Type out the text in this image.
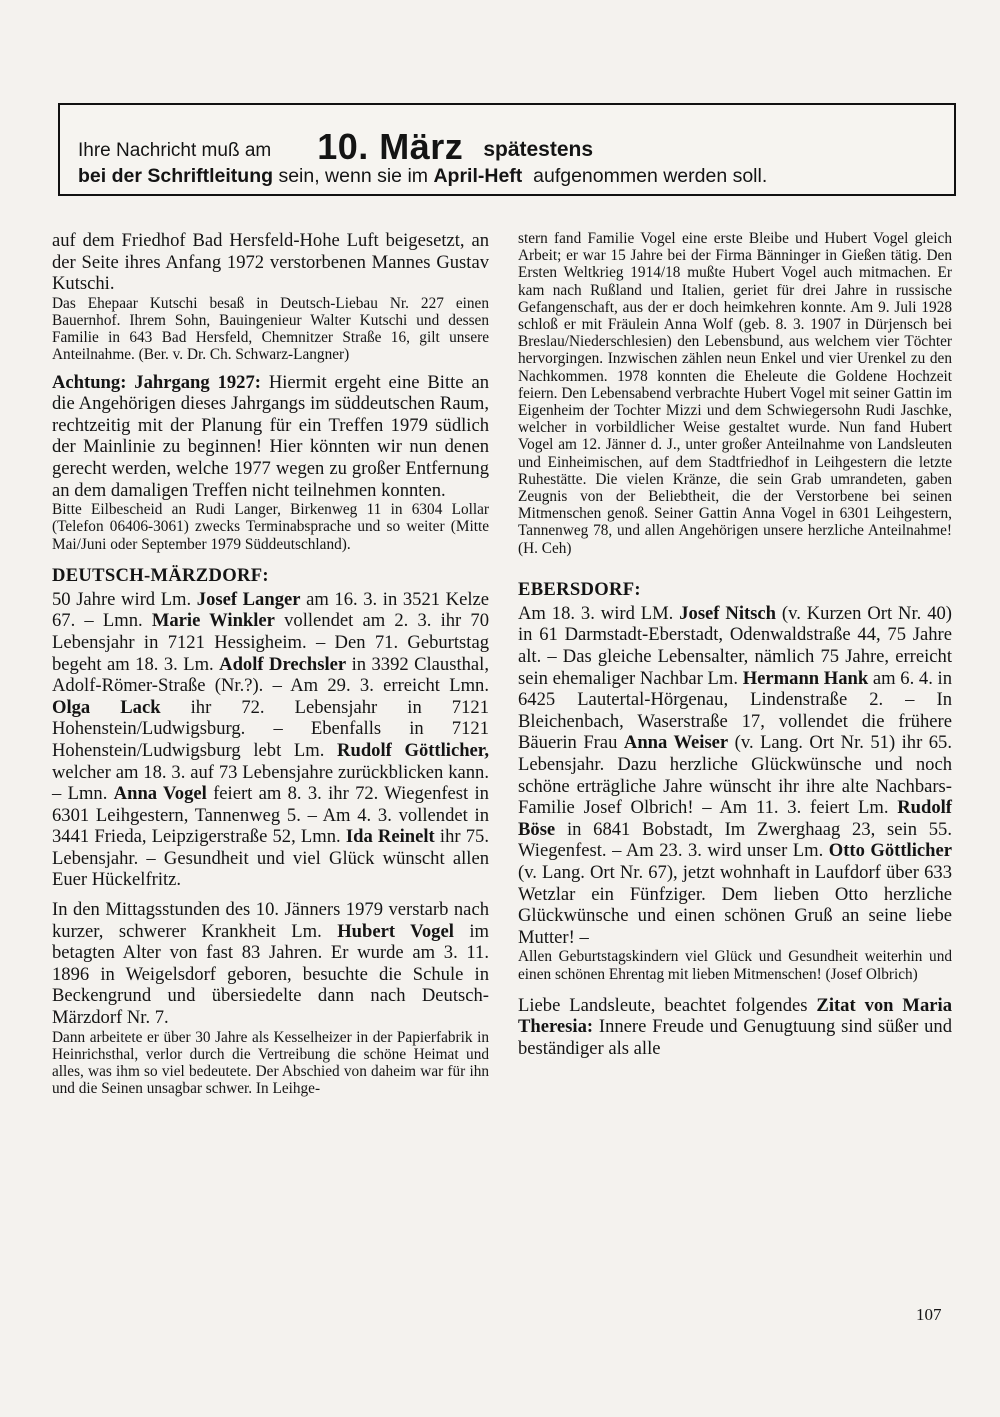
Ihre Nachricht muß am 10. März spätestens
bei der Schriftleitung sein, wenn sie im April-Heft aufgenommen werden soll.

auf dem Friedhof Bad Hersfeld-Hohe Luft beigesetzt, an der Seite ihres Anfang 1972 verstorbenen Mannes Gustav Kutschi.

Das Ehepaar Kutschi besaß in Deutsch-Liebau Nr. 227 einen Bauernhof. Ihrem Sohn, Bauingenieur Walter Kutschi und dessen Familie in 643 Bad Hersfeld, Chemnitzer Straße 16, gilt unsere Anteilnahme. (Ber. v. Dr. Ch. Schwarz-Langner)

Achtung: Jahrgang 1927: Hiermit ergeht eine Bitte an die Angehörigen dieses Jahrgangs im süddeutschen Raum, rechtzeitig mit der Planung für ein Treffen 1979 südlich der Mainlinie zu beginnen! Hier könnten wir nun denen gerecht werden, welche 1977 wegen zu großer Entfernung an dem damaligen Treffen nicht teilnehmen konnten.

Bitte Eilbescheid an Rudi Langer, Birkenweg 11 in 6304 Lollar (Telefon 06406-3061) zwecks Terminabsprache und so weiter (Mitte Mai/Juni oder September 1979 Süddeutschland).

DEUTSCH-MÄRZDORF:

50 Jahre wird Lm. Josef Langer am 16. 3. in 3521 Kelze 67. – Lmn. Marie Winkler vollendet am 2. 3. ihr 70 Lebensjahr in 7121 Hessigheim. – Den 71. Geburtstag begeht am 18. 3. Lm. Adolf Drechsler in 3392 Clausthal, Adolf-Römer-Straße (Nr.?). – Am 29. 3. erreicht Lmn. Olga Lack ihr 72. Lebensjahr in 7121 Hohenstein/Ludwigsburg. – Ebenfalls in 7121 Hohenstein/Ludwigsburg lebt Lm. Rudolf Göttlicher, welcher am 18. 3. auf 73 Lebensjahre zurückblicken kann. – Lmn. Anna Vogel feiert am 8. 3. ihr 72. Wiegenfest in 6301 Leihgestern, Tannenweg 5. – Am 4. 3. vollendet in 3441 Frieda, Leipzigerstraße 52, Lmn. Ida Reinelt ihr 75. Lebensjahr. – Gesundheit und viel Glück wünscht allen Euer Hückelfritz.

In den Mittagsstunden des 10. Jänners 1979 verstarb nach kurzer, schwerer Krankheit Lm. Hubert Vogel im betagten Alter von fast 83 Jahren. Er wurde am 3. 11. 1896 in Weigelsdorf geboren, besuchte die Schule in Beckengrund und übersiedelte dann nach Deutsch-Märzdorf Nr. 7.

Dann arbeitete er über 30 Jahre als Kesselheizer in der Papierfabrik in Heinrichsthal, verlor durch die Vertreibung die schöne Heimat und alles, was ihm so viel bedeutete. Der Abschied von daheim war für ihn und die Seinen unsagbar schwer. In Leihge-

stern fand Familie Vogel eine erste Bleibe und Hubert Vogel gleich Arbeit; er war 15 Jahre bei der Firma Bänninger in Gießen tätig. Den Ersten Weltkrieg 1914/18 mußte Hubert Vogel auch mitmachen. Er kam nach Rußland und Italien, geriet für drei Jahre in russische Gefangenschaft, aus der er doch heimkehren konnte. Am 9. Juli 1928 schloß er mit Fräulein Anna Wolf (geb. 8. 3. 1907 in Dürjensch bei Breslau/Niederschlesien) den Lebensbund, aus welchem vier Töchter hervorgingen. Inzwischen zählen neun Enkel und vier Urenkel zu den Nachkommen. 1978 konnten die Eheleute die Goldene Hochzeit feiern. Den Lebensabend verbrachte Hubert Vogel mit seiner Gattin im Eigenheim der Tochter Mizzi und dem Schwiegersohn Rudi Jaschke, welcher in vorbildlicher Weise gestaltet wurde. Nun fand Hubert Vogel am 12. Jänner d. J., unter großer Anteilnahme von Landsleuten und Einheimischen, auf dem Stadtfriedhof in Leihgestern die letzte Ruhestätte. Die vielen Kränze, die sein Grab umrandeten, gaben Zeugnis von der Beliebtheit, die der Verstorbene bei seinen Mitmenschen genoß. Seiner Gattin Anna Vogel in 6301 Leihgestern, Tannenweg 78, und allen Angehörigen unsere herzliche Anteilnahme! (H. Ceh)

EBERSDORF:

Am 18. 3. wird LM. Josef Nitsch (v. Kurzen Ort Nr. 40) in 61 Darmstadt-Eberstadt, Odenwaldstraße 44, 75 Jahre alt. – Das gleiche Lebensalter, nämlich 75 Jahre, erreicht sein ehemaliger Nachbar Lm. Hermann Hank am 6. 4. in 6425 Lautertal-Hörgenau, Lindenstraße 2. – In Bleichenbach, Waserstraße 17, vollendet die frühere Bäuerin Frau Anna Weiser (v. Lang. Ort Nr. 51) ihr 65. Lebensjahr. Dazu herzliche Glückwünsche und noch schöne erträgliche Jahre wünscht ihr ihre alte Nachbars-Familie Josef Olbrich! – Am 11. 3. feiert Lm. Rudolf Böse in 6841 Bobstadt, Im Zwerghaag 23, sein 55. Wiegenfest. – Am 23. 3. wird unser Lm. Otto Göttlicher (v. Lang. Ort Nr. 67), jetzt wohnhaft in Laufdorf über 633 Wetzlar ein Fünfziger. Dem lieben Otto herzliche Glückwünsche und einen schönen Gruß an seine liebe Mutter! –

Allen Geburtstagskindern viel Glück und Gesundheit weiterhin und einen schönen Ehrentag mit lieben Mitmenschen! (Josef Olbrich)

Liebe Landsleute, beachtet folgendes Zitat von Maria Theresia: Innere Freude und Genugtuung sind süßer und beständiger als alle

107
